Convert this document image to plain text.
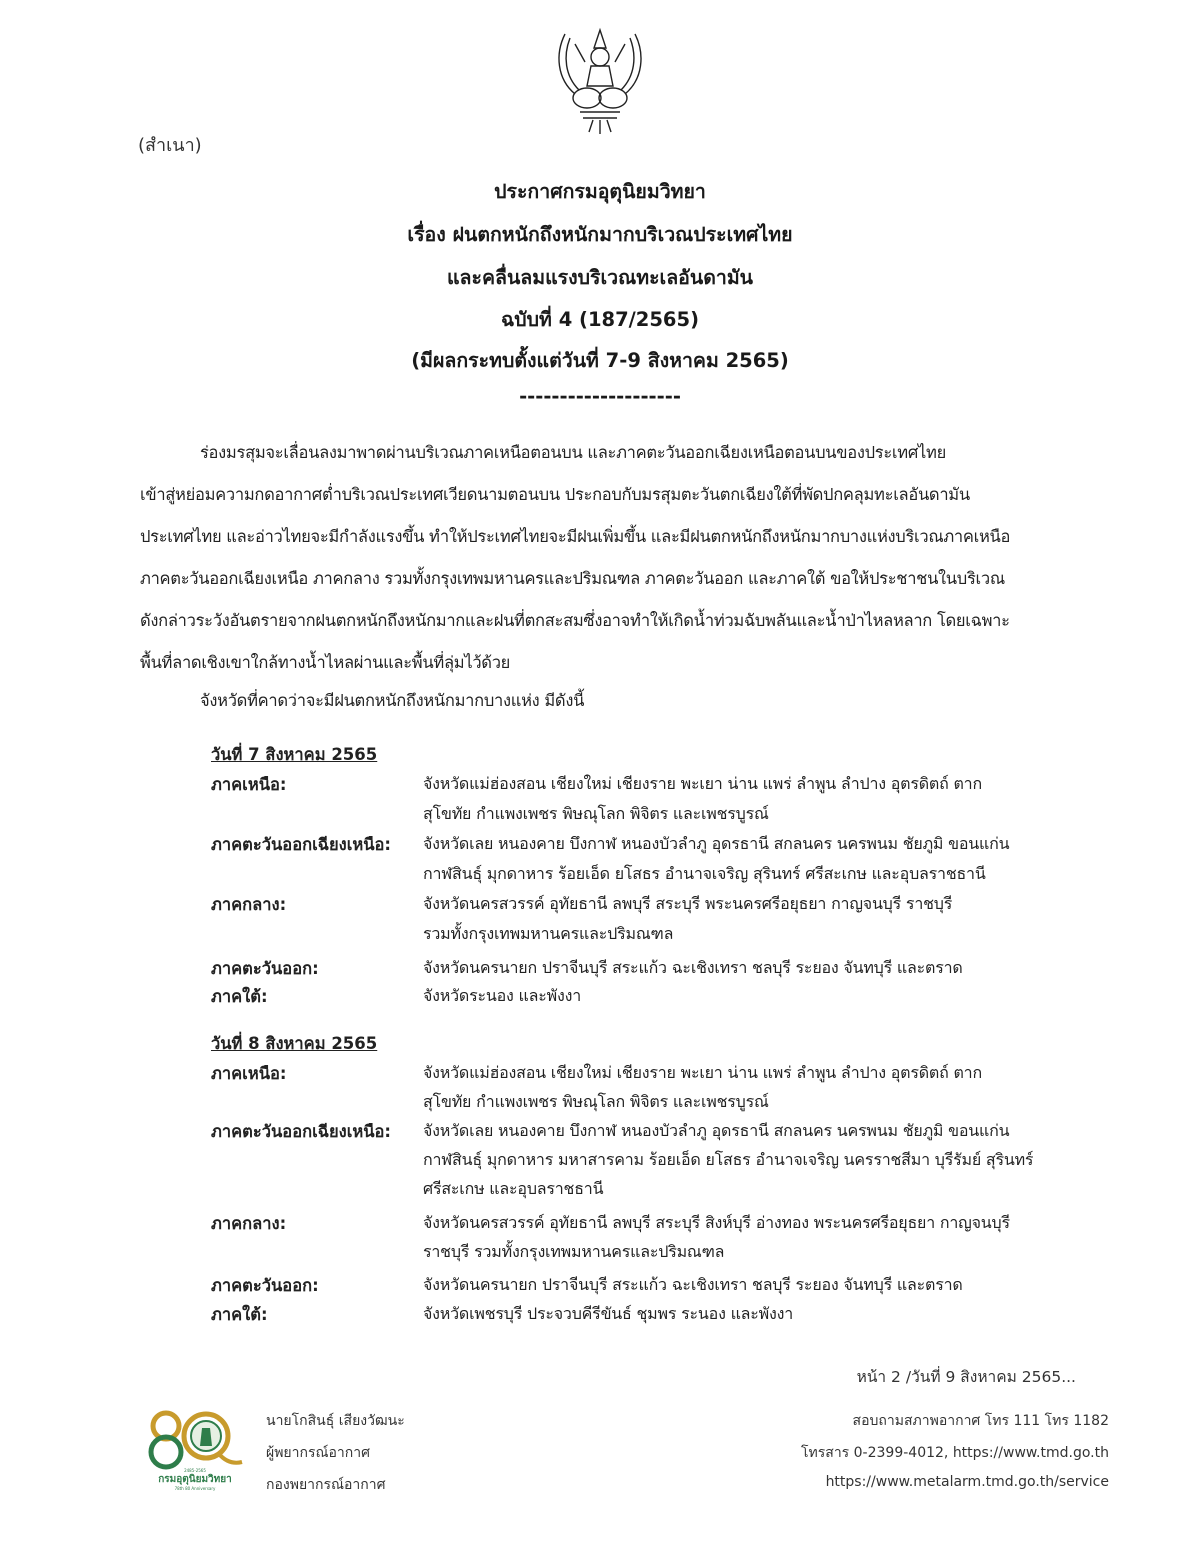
(สำเนา)
ประกาศกรมอุตุนิยมวิทยา
เรื่อง ฝนตกหนักถึงหนักมากบริเวณประเทศไทย
และคลื่นลมแรงบริเวณทะเลอันดามัน
ฉบับที่ 4 (187/2565)
(มีผลกระทบตั้งแต่วันที่ 7-9 สิงหาคม 2565)
--------------------
ร่องมรสุมจะเลื่อนลงมาพาดผ่านบริเวณภาคเหนือตอนบน และภาคตะวันออกเฉียงเหนือตอนบนของประเทศไทย
เข้าสู่หย่อมความกดอากาศต่ำบริเวณประเทศเวียดนามตอนบน ประกอบกับมรสุมตะวันตกเฉียงใต้ที่พัดปกคลุมทะเลอันดามัน
ประเทศไทย และอ่าวไทยจะมีกำลังแรงขึ้น ทำให้ประเทศไทยจะมีฝนเพิ่มขึ้น และมีฝนตกหนักถึงหนักมากบางแห่งบริเวณภาคเหนือ
ภาคตะวันออกเฉียงเหนือ ภาคกลาง รวมทั้งกรุงเทพมหานครและปริมณฑล ภาคตะวันออก และภาคใต้ ขอให้ประชาชนในบริเวณ
ดังกล่าวระวังอันตรายจากฝนตกหนักถึงหนักมากและฝนที่ตกสะสมซึ่งอาจทำให้เกิดน้ำท่วมฉับพลันและน้ำป่าไหลหลาก โดยเฉพาะ
พื้นที่ลาดเชิงเขาใกล้ทางน้ำไหลผ่านและพื้นที่ลุ่มไว้ด้วย
จังหวัดที่คาดว่าจะมีฝนตกหนักถึงหนักมากบางแห่ง มีดังนี้
วันที่ 7 สิงหาคม 2565
ภาคเหนือ:	จังหวัดแม่ฮ่องสอน เชียงใหม่ เชียงราย พะเยา น่าน แพร่ ลำพูน ลำปาง อุตรดิตถ์ ตาก
สุโขทัย กำแพงเพชร พิษณุโลก พิจิตร และเพชรบูรณ์
ภาคตะวันออกเฉียงเหนือ: จังหวัดเลย หนองคาย บึงกาฬ หนองบัวลำภู อุดรธานี สกลนคร นครพนม ชัยภูมิ ขอนแก่น
กาฬสินธุ์ มุกดาหาร ร้อยเอ็ด ยโสธร อำนาจเจริญ สุรินทร์ ศรีสะเกษ และอุบลราชธานี
ภาคกลาง:	จังหวัดนครสวรรค์ อุทัยธานี ลพบุรี สระบุรี พระนครศรีอยุธยา กาญจนบุรี ราชบุรี
รวมทั้งกรุงเทพมหานครและปริมณฑล
ภาคตะวันออก:	จังหวัดนครนายก ปราจีนบุรี สระแก้ว ฉะเชิงเทรา ชลบุรี ระยอง จันทบุรี และตราด
ภาคใต้:	จังหวัดระนอง และพังงา
วันที่ 8 สิงหาคม 2565
ภาคเหนือ:	จังหวัดแม่ฮ่องสอน เชียงใหม่ เชียงราย พะเยา น่าน แพร่ ลำพูน ลำปาง อุตรดิตถ์ ตาก
สุโขทัย กำแพงเพชร พิษณุโลก พิจิตร และเพชรบูรณ์
ภาคตะวันออกเฉียงเหนือ: จังหวัดเลย หนองคาย บึงกาฬ หนองบัวลำภู อุดรธานี สกลนคร นครพนม ชัยภูมิ ขอนแก่น
กาฬสินธุ์ มุกดาหาร มหาสารคาม ร้อยเอ็ด ยโสธร อำนาจเจริญ นครราชสีมา บุรีรัมย์ สุรินทร์
ศรีสะเกษ และอุบลราชธานี
ภาคกลาง:	จังหวัดนครสวรรค์ อุทัยธานี ลพบุรี สระบุรี สิงห์บุรี อ่างทอง พระนครศรีอยุธยา กาญจนบุรี
ราชบุรี รวมทั้งกรุงเทพมหานครและปริมณฑล
ภาคตะวันออก:	จังหวัดนครนายก ปราจีนบุรี สระแก้ว ฉะเชิงเทรา ชลบุรี ระยอง จันทบุรี และตราด
ภาคใต้:	จังหวัดเพชรบุรี ประจวบคีรีขันธ์ ชุมพร ระนอง และพังงา
หน้า 2 /วันที่ 9 สิงหาคม 2565...
2485-2565
กรมอุตุนิยมวิทยา
78th 80 Anniversary
นายโกสินธุ์ เสียงวัฒนะ
ผู้พยากรณ์อากาศ
กองพยากรณ์อากาศ
สอบถามสภาพอากาศ โทร 111 โทร 1182
โทรสาร 0-2399-4012, https://www.tmd.go.th
https://www.metalarm.tmd.go.th/service
